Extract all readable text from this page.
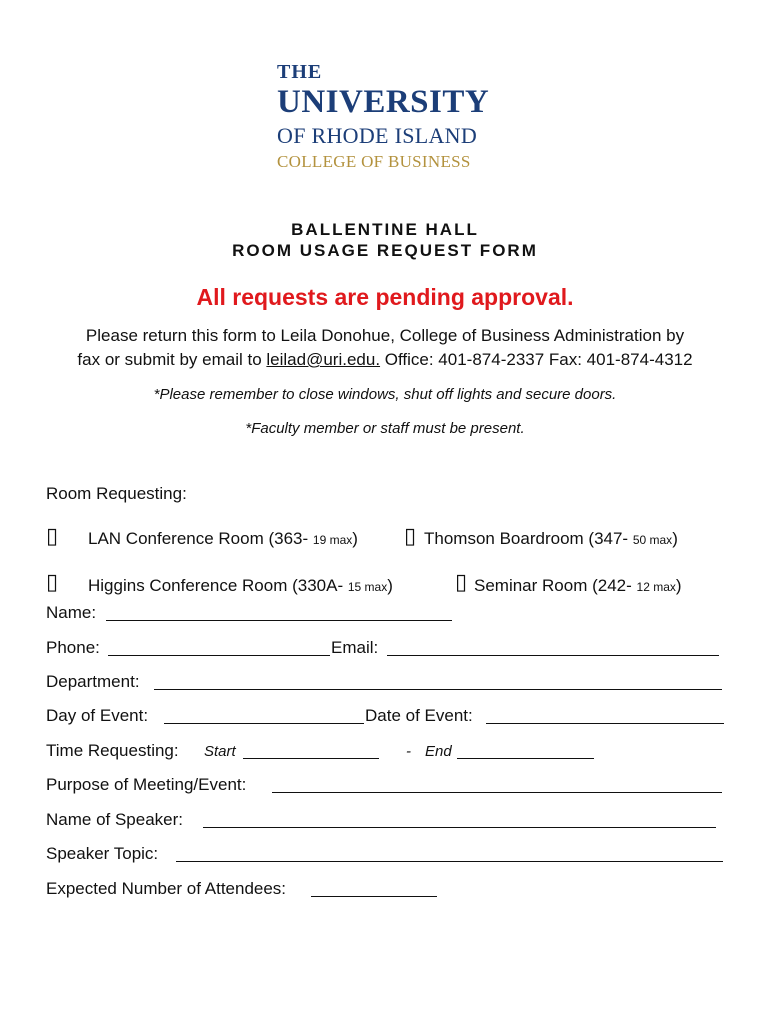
THE
UNIVERSITY
OF RHODE ISLAND
COLLEGE OF BUSINESS
BALLENTINE HALL
ROOM USAGE REQUEST FORM
All requests are pending approval.
Please return this form to Leila Donohue, College of Business Administration by
fax or submit by email to leilad@uri.edu. Office: 401-874-2337 Fax: 401-874-4312
*Please remember to close windows, shut off lights and secure doors.
*Faculty member or staff must be present.
Room Requesting:
▯ LAN Conference Room (363- 19 max) ▯ Thomson Boardroom (347- 50 max)
▯ Higgins Conference Room (330A- 15 max)	▯ Seminar Room (242- 12 max)
Name:
Phone:	Email:
Department:
Day of Event:	Date of Event:
Time Requesting: Start	- End
Purpose of Meeting/Event:
Name of Speaker:
Speaker Topic:
Expected Number of Attendees:
